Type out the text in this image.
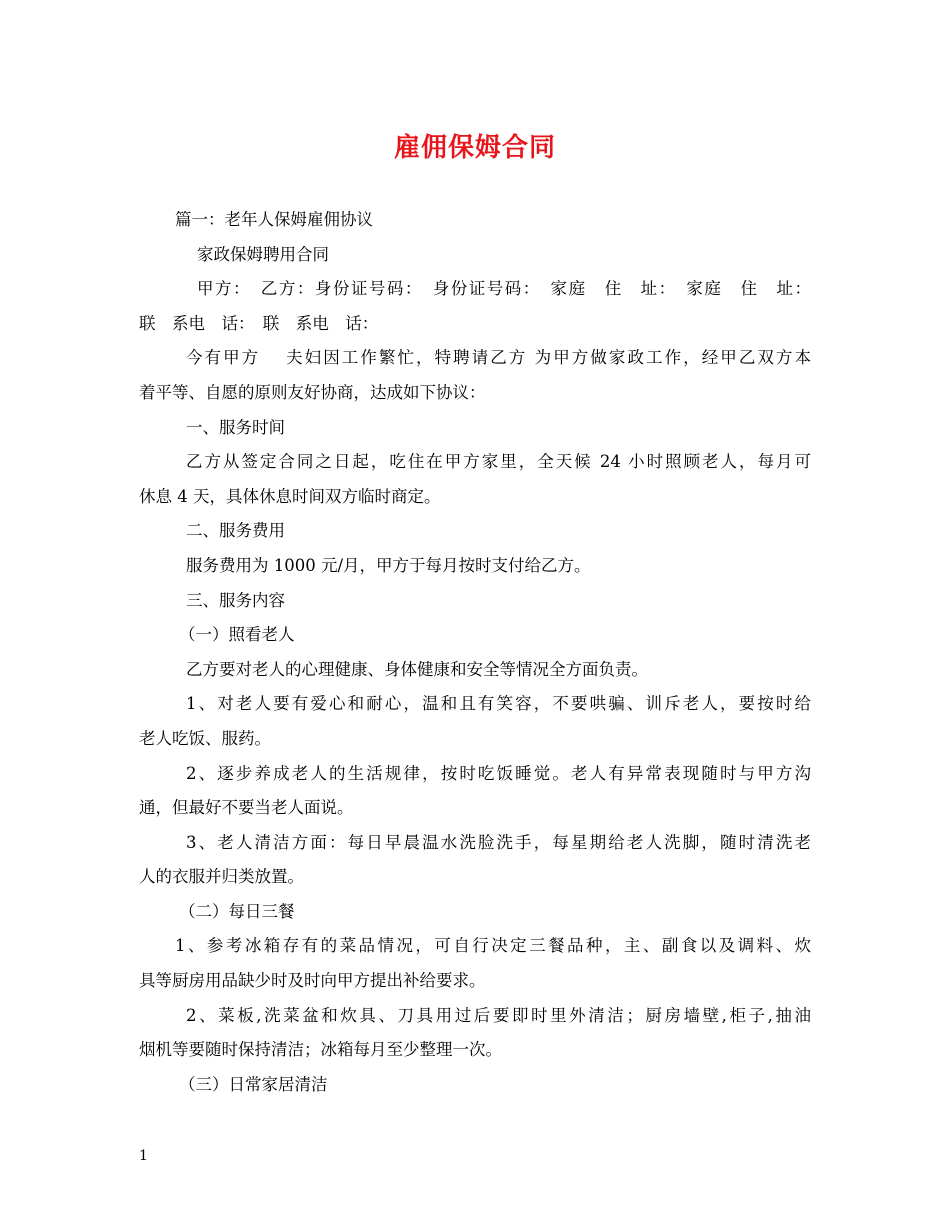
雇佣保姆合同

篇一：老年人保姆雇佣协议

家政保姆聘用合同

甲方：　乙方：身份证号码：　身份证号码：　家庭　住　址：　家庭　住　址：

联　系电　话：　联　系电　话：

今有甲方　 夫妇因工作繁忙，特聘请乙方 为甲方做家政工作，经甲乙双方本

着平等、自愿的原则友好协商，达成如下协议：

一、服务时间

乙方从签定合同之日起，吃住在甲方家里，全天候 24 小时照顾老人，每月可

休息 4 天，具体休息时间双方临时商定。

二、服务费用

服务费用为 1000 元/月，甲方于每月按时支付给乙方。

三、服务内容

（一）照看老人

乙方要对老人的心理健康、身体健康和安全等情况全方面负责。

1、对老人要有爱心和耐心，温和且有笑容，不要哄骗、训斥老人，要按时给

老人吃饭、服药。

2、逐步养成老人的生活规律，按时吃饭睡觉。老人有异常表现随时与甲方沟

通，但最好不要当老人面说。

3、老人清洁方面：每日早晨温水洗脸洗手，每星期给老人洗脚，随时清洗老

人的衣服并归类放置。

（二）每日三餐

1、参考冰箱存有的菜品情况，可自行决定三餐品种，主、副食以及调料、炊

具等厨房用品缺少时及时向甲方提出补给要求。

2、菜板,洗菜盆和炊具、刀具用过后要即时里外清洁；厨房墙壁,柜子,抽油

烟机等要随时保持清洁；冰箱每月至少整理一次。

（三）日常家居清洁

1
